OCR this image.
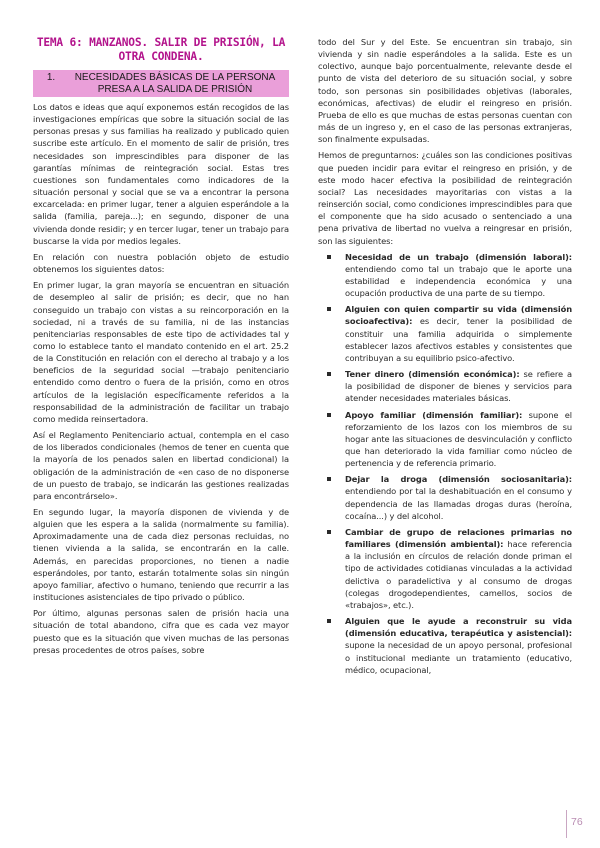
TEMA 6: MANZANOS. SALIR DE PRISIÓN, LA OTRA CONDENA.
1.	NECESIDADES BÁSICAS DE LA PERSONA PRESA A LA SALIDA DE PRISIÓN

Los datos e ideas que aquí exponemos están recogidos de las investigaciones empíricas que sobre la situación social de las personas presas y sus familias ha realizado y publicado quien suscribe este artículo. En el momento de salir de prisión, tres necesidades son imprescindibles para disponer de las garantías mínimas de reintegración social. Estas tres cuestiones son fundamentales como indicadores de la situación personal y social que se va a encontrar la persona excarcelada: en primer lugar, tener a alguien esperándole a la salida (familia, pareja...); en segundo, disponer de una vivienda donde residir; y en tercer lugar, tener un trabajo para buscarse la vida por medios legales.

En relación con nuestra población objeto de estudio obtenemos los siguientes datos:

En primer lugar, la gran mayoría se encuentran en situación de desempleo al salir de prisión; es decir, que no han conseguido un trabajo con vistas a su reincorporación en la sociedad, ni a través de su familia, ni de las instancias penitenciarias responsables de este tipo de actividades tal y como lo establece tanto el mandato contenido en el art. 25.2 de la Constitución en relación con el derecho al trabajo y a los beneficios de la seguridad social —trabajo penitenciario entendido como dentro o fuera de la prisión, como en otros artículos de la legislación específicamente referidos a la responsabilidad de la administración de facilitar un trabajo como medida reinsertadora.

Así el Reglamento Penitenciario actual, contempla en el caso de los liberados condicionales (hemos de tener en cuenta que la mayoría de los penados salen en libertad condicional) la obligación de la administración de «en caso de no disponerse de un puesto de trabajo, se indicarán las gestiones realizadas para encontrárselo».

En segundo lugar, la mayoría disponen de vivienda y de alguien que les espera a la salida (normalmente su familia). Aproximadamente una de cada diez personas recluidas, no tienen vivienda a la salida, se encontrarán en la calle. Además, en parecidas proporciones, no tienen a nadie esperándoles, por tanto, estarán totalmente solas sin ningún apoyo familiar, afectivo o humano, teniendo que recurrir a las instituciones asistenciales de tipo privado o público.

Por último, algunas personas salen de prisión hacia una situación de total abandono, cifra que es cada vez mayor puesto que es la situación que viven muchas de las personas presas procedentes de otros países, sobre

todo del Sur y del Este. Se encuentran sin trabajo, sin vivienda y sin nadie esperándoles a la salida. Este es un colectivo, aunque bajo porcentualmente, relevante desde el punto de vista del deterioro de su situación social, y sobre todo, son personas sin posibilidades objetivas (laborales, económicas, afectivas) de eludir el reingreso en prisión. Prueba de ello es que muchas de estas personas cuentan con más de un ingreso y, en el caso de las personas extranjeras, son finalmente expulsadas.

Hemos de preguntarnos: ¿cuáles son las condiciones positivas que pueden incidir para evitar el reingreso en prisión, y de este modo hacer efectiva la posibilidad de reintegración social? Las necesidades mayoritarias con vistas a la reinserción social, como condiciones imprescindibles para que el componente que ha sido acusado o sentenciado a una pena privativa de libertad no vuelva a reingresar en prisión, son las siguientes:

Necesidad de un trabajo (dimensión laboral): entendiendo como tal un trabajo que le aporte una estabilidad e independencia económica y una ocupación productiva de una parte de su tiempo.
Alguien con quien compartir su vida (dimensión socioafectiva): es decir, tener la posibilidad de constituir una familia adquirida o simplemente establecer lazos afectivos estables y consistentes que contribuyan a su equilibrio psico-afectivo.
Tener dinero (dimensión económica): se refiere a la posibilidad de disponer de bienes y servicios para atender necesidades materiales básicas.
Apoyo familiar (dimensión familiar): supone el reforzamiento de los lazos con los miembros de su hogar ante las situaciones de desvinculación y conflicto que han deteriorado la vida familiar como núcleo de pertenencia y de referencia primario.
Dejar la droga (dimensión sociosanitaria): entendiendo por tal la deshabituación en el consumo y dependencia de las llamadas drogas duras (heroína, cocaína...) y del alcohol.
Cambiar de grupo de relaciones primarias no familiares (dimensión ambiental): hace referencia a la inclusión en círculos de relación donde priman el tipo de actividades cotidianas vinculadas a la actividad delictiva o paradelictiva y al consumo de drogas (colegas drogodependientes, camellos, socios de «trabajos», etc.).
Alguien que le ayude a reconstruir su vida (dimensión educativa, terapéutica y asistencial): supone la necesidad de un apoyo personal, profesional o institucional mediante un tratamiento (educativo, médico, ocupacional,
76
